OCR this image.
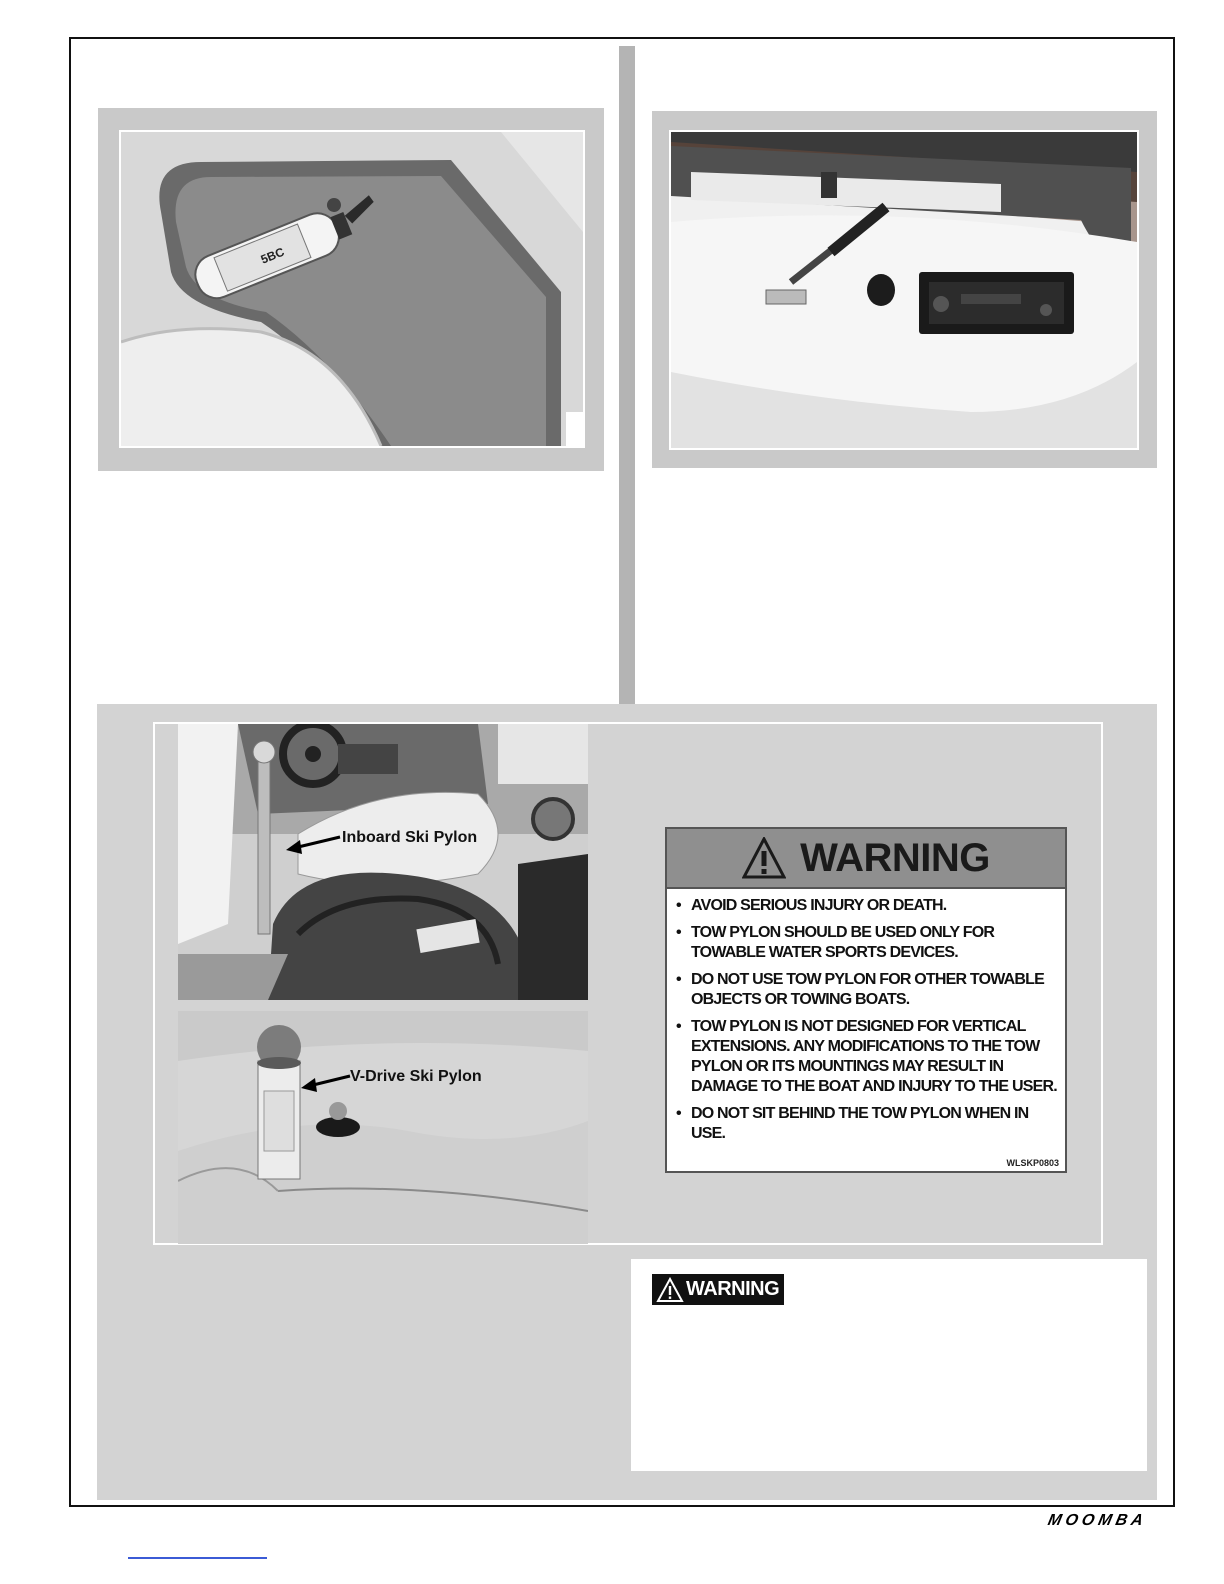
5BC
Inboard Ski Pylon
V-Drive Ski Pylon
WARNING
• AVOID SERIOUS INJURY OR DEATH.
• TOW PYLON SHOULD BE USED ONLY FOR TOWABLE WATER SPORTS DEVICES.
• DO NOT USE TOW PYLON FOR OTHER TOWABLE OBJECTS OR TOWING BOATS.
• TOW PYLON IS NOT DESIGNED FOR VERTICAL EXTENSIONS. ANY MODIFICATIONS TO THE TOW PYLON OR ITS MOUNTINGS MAY RESULT IN DAMAGE TO THE BOAT AND INJURY TO THE USER.
• DO NOT SIT BEHIND THE TOW PYLON WHEN IN USE.
WLSKP0803
WARNING
MOOMBA
